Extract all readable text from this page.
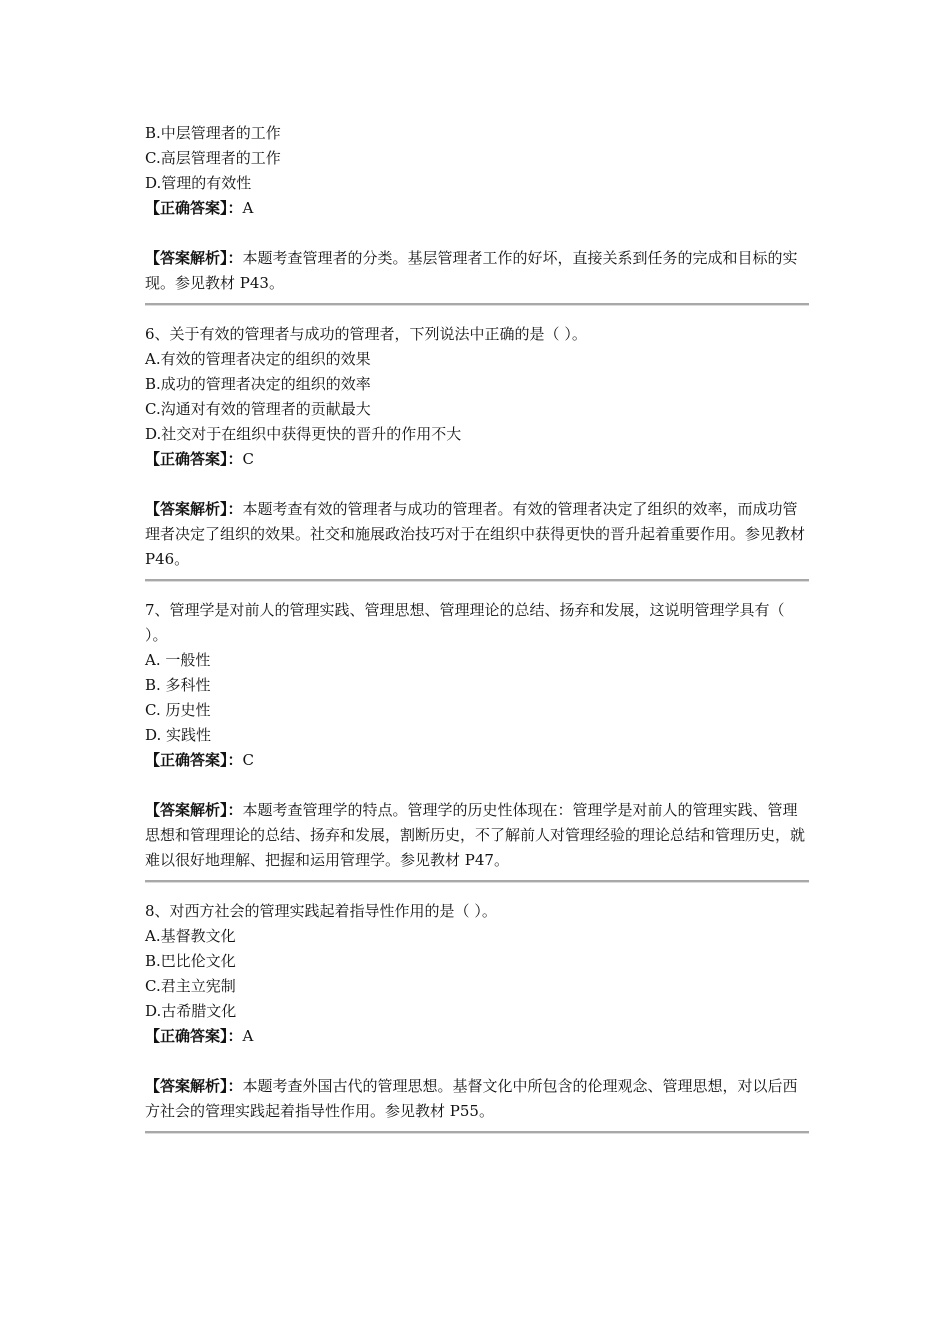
B.中层管理者的工作
C.高层管理者的工作
D.管理的有效性
【正确答案】：A
【答案解析】：本题考查管理者的分类。基层管理者工作的好坏，直接关系到任务的完成和目标的实现。参见教材 P43。
6、关于有效的管理者与成功的管理者，下列说法中正确的是（ ）。
A.有效的管理者决定的组织的效果
B.成功的管理者决定的组织的效率
C.沟通对有效的管理者的贡献最大
D.社交对于在组织中获得更快的晋升的作用不大
【正确答案】：C
【答案解析】：本题考查有效的管理者与成功的管理者。有效的管理者决定了组织的效率，而成功管理者决定了组织的效果。社交和施展政治技巧对于在组织中获得更快的晋升起着重要作用。参见教材 P46。
7、管理学是对前人的管理实践、管理思想、管理理论的总结、扬弃和发展，这说明管理学具有（ ）。
A. 一般性
B. 多科性
C. 历史性
D. 实践性
【正确答案】：C
【答案解析】：本题考查管理学的特点。管理学的历史性体现在：管理学是对前人的管理实践、管理思想和管理理论的总结、扬弃和发展，割断历史，不了解前人对管理经验的理论总结和管理历史，就难以很好地理解、把握和运用管理学。参见教材 P47。
8、对西方社会的管理实践起着指导性作用的是（ ）。
A.基督教文化
B.巴比伦文化
C.君主立宪制
D.古希腊文化
【正确答案】：A
【答案解析】：本题考查外国古代的管理思想。基督文化中所包含的伦理观念、管理思想，对以后西方社会的管理实践起着指导性作用。参见教材 P55。
